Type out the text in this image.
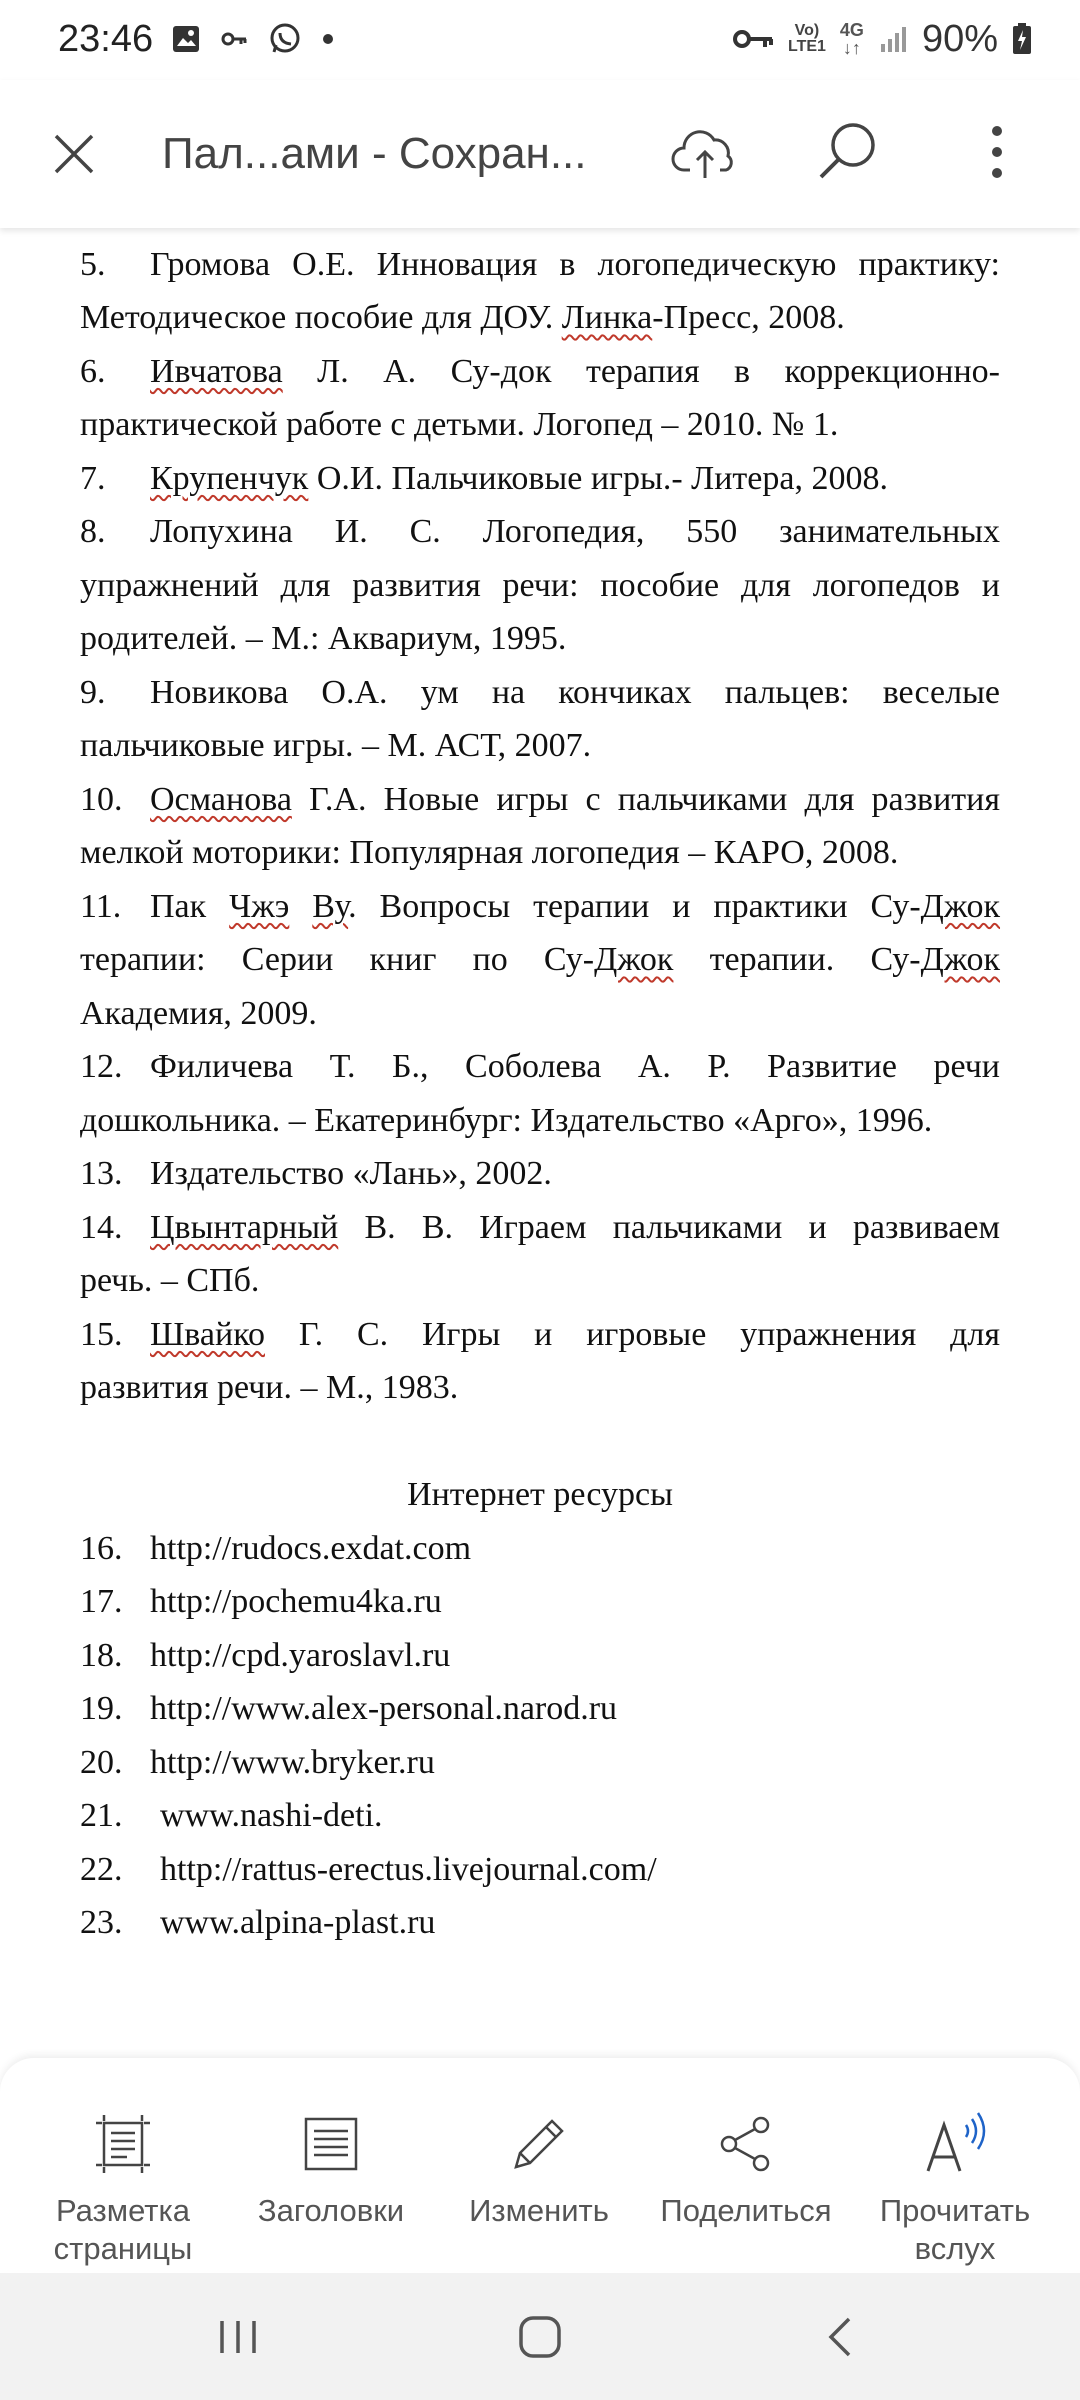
23:46	Vo)
LTE1
4G
↓↑ 90%
Пал...ами - Сохран...
5. Громова О.Е. Инновация в логопедическую практику:
Методическое пособие для ДОУ. Линка-Пресс, 2008.
6. Ивчатова Л. А. Су-док терапия в коррекционно-
практической работе с детьми. Логопед – 2010. № 1.
7. Крупенчук О.И. Пальчиковые игры.- Литера, 2008.
8. Лопухина И. С. Логопедия, 550 занимательных
упражнений для развития речи: пособие для логопедов и
родителей. – М.: Аквариум, 1995.
9. Новикова О.А. ум на кончиках пальцев: веселые
пальчиковые игры. – М. АСТ, 2007.
10. Османова Г.А. Новые игры с пальчиками для развития
мелкой моторики: Популярная логопедия – КАРО, 2008.
11. Пак Чжэ Ву. Вопросы терапии и практики Су-Джок
терапии: Серии книг по Су-Джок терапии. Су-Джок
Академия, 2009.
12. Филичева Т. Б., Соболева А. Р. Развитие речи
дошкольника. – Екатеринбург: Издательство «Арго», 1996.
13. Издательство «Лань», 2002.
14. Цвынтарный В. В. Играем пальчиками и развиваем
речь. – СПб.
15. Швайко Г. С. Игры и игровые упражнения для
развития речи. – М., 1983.
Интернет ресурсы
16. http://rudocs.exdat.com
17. http://pochemu4ka.ru
18. http://cpd.yaroslavl.ru
19. http://www.alex-personal.narod.ru
20. http://www.bryker.ru
21. www.nashi-deti.
22. http://rattus-erectus.livejournal.com/
23. www.alpina-plast.ru
Разметка
страницы
Заголовки	Изменить	Поделиться	Прочитать
вслух
